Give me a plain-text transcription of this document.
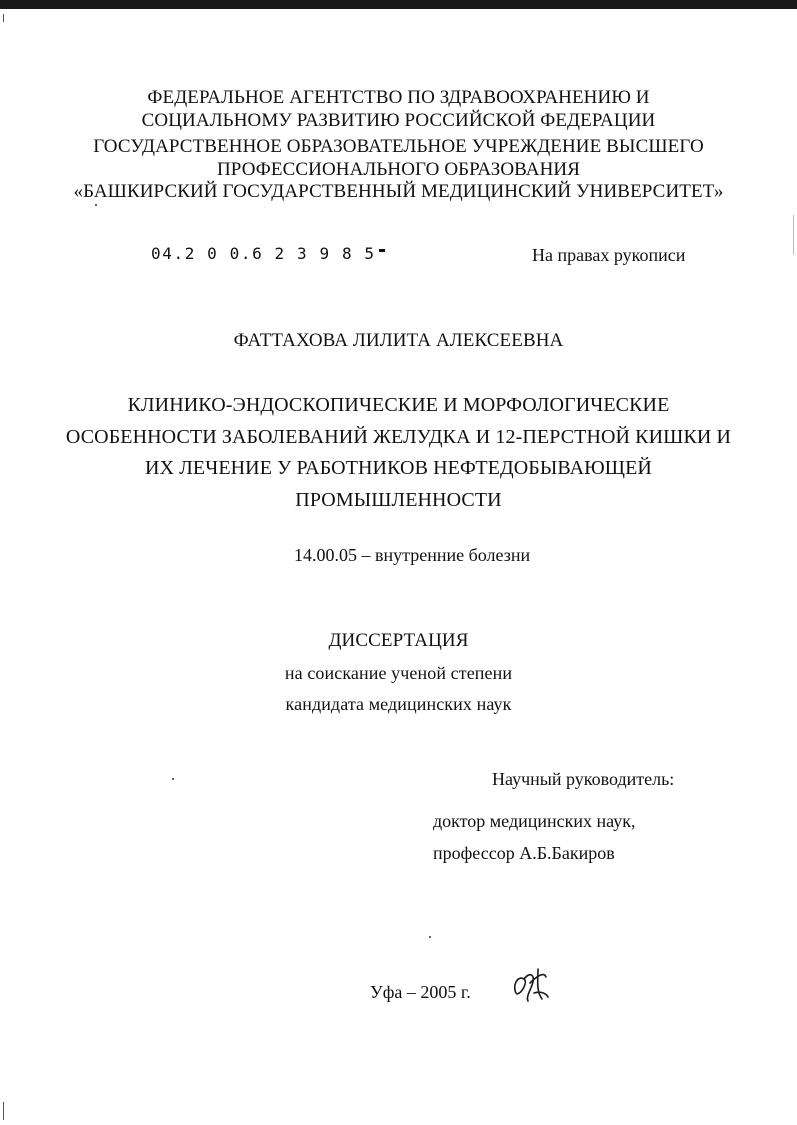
ФЕДЕРАЛЬНОЕ АГЕНТСТВО ПО ЗДРАВООХРАНЕНИЮ И
СОЦИАЛЬНОМУ РАЗВИТИЮ РОССИЙСКОЙ ФЕДЕРАЦИИ
ГОСУДАРСТВЕННОЕ ОБРАЗОВАТЕЛЬНОЕ УЧРЕЖДЕНИЕ ВЫСШЕГО
ПРОФЕССИОНАЛЬНОГО ОБРАЗОВАНИЯ
«БАШКИРСКИЙ ГОСУДАРСТВЕННЫЙ МЕДИЦИНСКИЙ УНИВЕРСИТЕТ»
04.2 0 0.6 2 3 9 8 5	На правах рукописи
ФАТТАХОВА ЛИЛИТА АЛЕКСЕЕВНА
КЛИНИКО-ЭНДОСКОПИЧЕСКИЕ И МОРФОЛОГИЧЕСКИЕ
ОСОБЕННОСТИ ЗАБОЛЕВАНИЙ ЖЕЛУДКА И 12-ПЕРСТНОЙ КИШКИ И
ИХ ЛЕЧЕНИЕ У РАБОТНИКОВ НЕФТЕДОБЫВАЮЩЕЙ
ПРОМЫШЛЕННОСТИ
14.00.05 – внутренние болезни
ДИССЕРТАЦИЯ
на соискание ученой степени
кандидата медицинских наук
Научный руководитель:
доктор медицинских наук,
профессор А.Б.Бакиров
Уфа – 2005 г.
